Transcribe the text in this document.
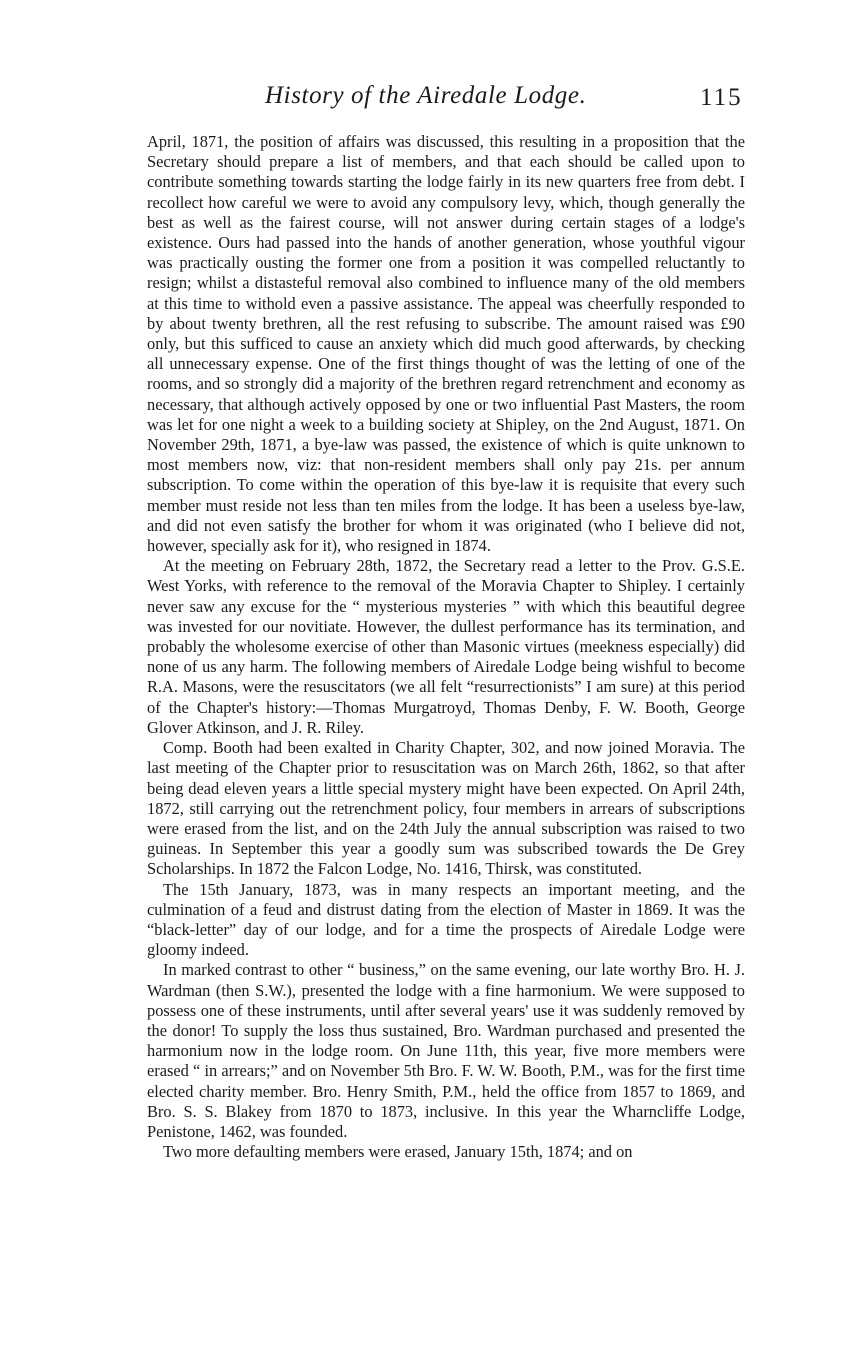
History of the Airedale Lodge.	115

April, 1871, the position of affairs was discussed, this resulting in a proposition that the Secretary should prepare a list of members, and that each should be called upon to contribute something towards starting the lodge fairly in its new quarters free from debt. I recollect how careful we were to avoid any compulsory levy, which, though generally the best as well as the fairest course, will not answer during certain stages of a lodge's existence. Ours had passed into the hands of another generation, whose youthful vigour was practically ousting the former one from a position it was compelled reluctantly to resign; whilst a distasteful removal also combined to influence many of the old members at this time to withold even a passive assistance. The appeal was cheerfully responded to by about twenty brethren, all the rest refusing to subscribe. The amount raised was £90 only, but this sufficed to cause an anxiety which did much good afterwards, by checking all unnecessary expense. One of the first things thought of was the letting of one of the rooms, and so strongly did a majority of the brethren regard retrenchment and economy as necessary, that although actively opposed by one or two influential Past Masters, the room was let for one night a week to a building society at Shipley, on the 2nd August, 1871. On November 29th, 1871, a bye-law was passed, the existence of which is quite unknown to most members now, viz: that non-resident members shall only pay 21s. per annum subscription. To come within the operation of this bye-law it is requisite that every such member must reside not less than ten miles from the lodge. It has been a useless bye-law, and did not even satisfy the brother for whom it was originated (who I believe did not, however, specially ask for it), who resigned in 1874.

At the meeting on February 28th, 1872, the Secretary read a letter to the Prov. G.S.E. West Yorks, with reference to the removal of the Moravia Chapter to Shipley. I certainly never saw any excuse for the “ mysterious mysteries ” with which this beautiful degree was invested for our novitiate. However, the dullest performance has its termination, and probably the wholesome exercise of other than Masonic virtues (meekness especially) did none of us any harm. The following members of Airedale Lodge being wishful to become R.A. Masons, were the resuscitators (we all felt “resurrectionists” I am sure) at this period of the Chapter's history:—Thomas Murgatroyd, Thomas Denby, F. W. Booth, George Glover Atkinson, and J. R. Riley.

Comp. Booth had been exalted in Charity Chapter, 302, and now joined Moravia. The last meeting of the Chapter prior to resuscitation was on March 26th, 1862, so that after being dead eleven years a little special mystery might have been expected. On April 24th, 1872, still carrying out the retrenchment policy, four members in arrears of subscriptions were erased from the list, and on the 24th July the annual subscription was raised to two guineas. In September this year a goodly sum was subscribed towards the De Grey Scholarships. In 1872 the Falcon Lodge, No. 1416, Thirsk, was constituted.

The 15th January, 1873, was in many respects an important meeting, and the culmination of a feud and distrust dating from the election of Master in 1869. It was the “black-letter” day of our lodge, and for a time the prospects of Airedale Lodge were gloomy indeed.

In marked contrast to other “ business,” on the same evening, our late worthy Bro. H. J. Wardman (then S.W.), presented the lodge with a fine harmonium. We were supposed to possess one of these instruments, until after several years' use it was suddenly removed by the donor! To supply the loss thus sustained, Bro. Wardman purchased and presented the harmonium now in the lodge room. On June 11th, this year, five more members were erased “ in arrears;” and on November 5th Bro. F. W. W. Booth, P.M., was for the first time elected charity member. Bro. Henry Smith, P.M., held the office from 1857 to 1869, and Bro. S. S. Blakey from 1870 to 1873, inclusive. In this year the Wharncliffe Lodge, Penistone, 1462, was founded.

Two more defaulting members were erased, January 15th, 1874; and on
